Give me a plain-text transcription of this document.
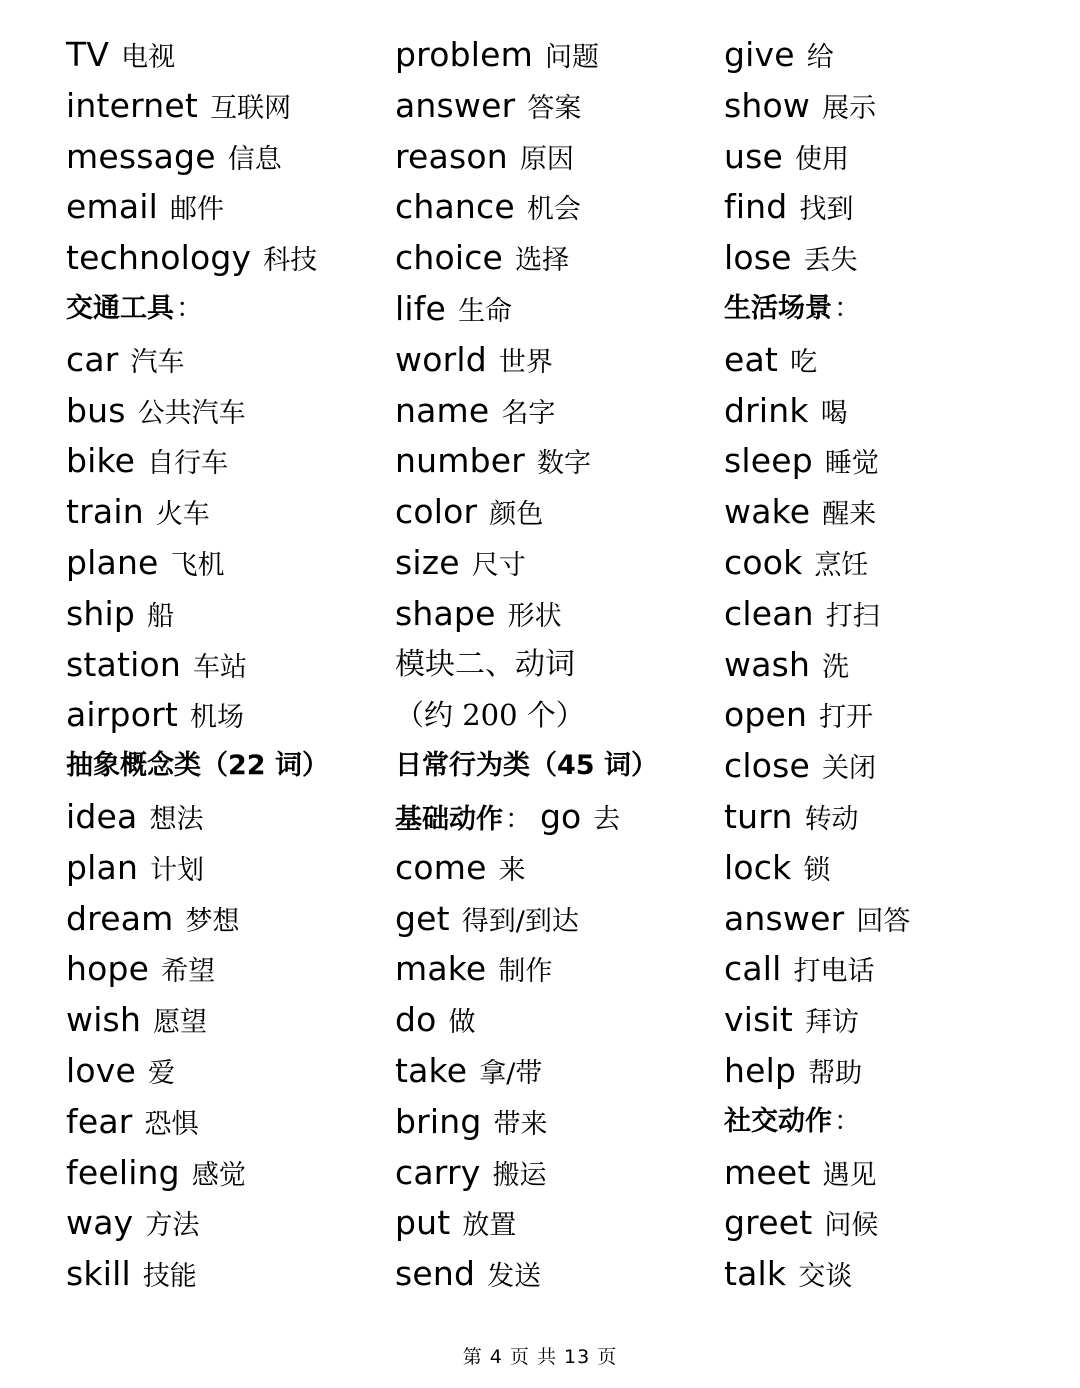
TV 电视
internet 互联网
message 信息
email 邮件
technology 科技
交通工具：
car 汽车
bus 公共汽车
bike 自行车
train 火车
plane 飞机
ship 船
station 车站
airport 机场
抽象概念类（22 词）
idea 想法
plan 计划
dream 梦想
hope 希望
wish 愿望
love 爱
fear 恐惧
feeling 感觉
way 方法
skill 技能
problem 问题
answer 答案
reason 原因
chance 机会
choice 选择
life 生命
world 世界
name 名字
number 数字
color 颜色
size 尺寸
shape 形状
模块二、动词
（约 200 个）
日常行为类（45 词）
基础动作： go 去
come 来
get 得到/到达
make 制作
do 做
take 拿/带
bring 带来
carry 搬运
put 放置
send 发送
give 给
show 展示
use 使用
find 找到
lose 丢失
生活场景：
eat 吃
drink 喝
sleep 睡觉
wake 醒来
cook 烹饪
clean 打扫
wash 洗
open 打开
close 关闭
turn 转动
lock 锁
answer 回答
call 打电话
visit 拜访
help 帮助
社交动作：
meet 遇见
greet 问候
talk 交谈
第 4 页 共 13 页
